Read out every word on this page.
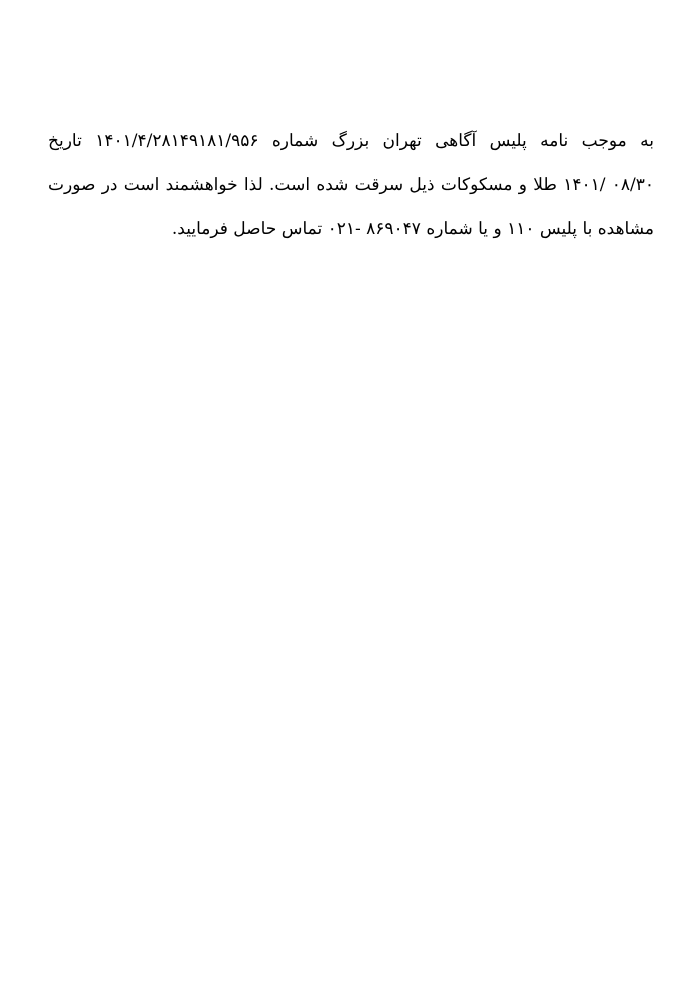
به موجب نامه پلیس آگاهی تهران بزرگ شماره ۱۴۰۱/۴/۲۸۱۴۹۱۸۱/۹۵۶ تاریخ
۰۸/۳۰ /۱۴۰۱ طلا و مسکوکات ذیل سرقت شده است. لذا خواهشمند است در صورت
مشاهده با پلیس ۱۱۰ و یا شماره ۸۶۹۰۴۷ -۰۲۱ تماس حاصل فرمایید.
